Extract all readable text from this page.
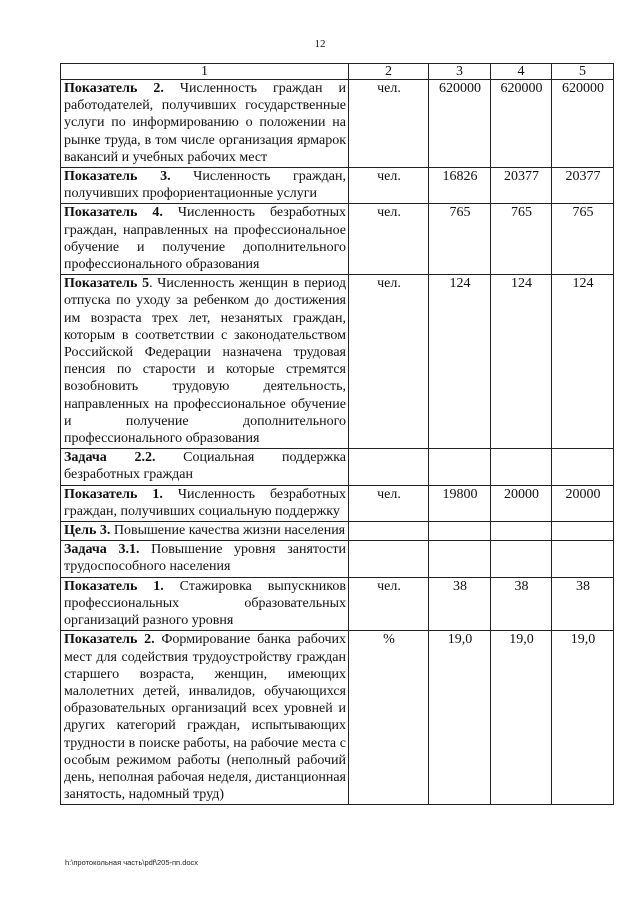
12
1	2	3	4	5
Показатель 2. Численность граждан и работодателей, получивших государственные услуги по информированию о положении на рынке труда, в том числе организация ярмарок вакансий и учебных рабочих мест	чел.	620000	620000	620000
Показатель 3. Численность граждан, получивших профориентационные услуги	чел.	16826	20377	20377
Показатель 4. Численность безработных граждан, направленных на профессиональное обучение и получение дополнительного профессионального образования	чел.	765	765	765
Показатель 5. Численность женщин в период отпуска по уходу за ребенком до достижения им возраста трех лет, незанятых граждан, которым в соответствии с законодательством Российской Федерации назначена трудовая пенсия по старости и которые стремятся возобновить трудовую деятельность, направленных на профессиональное обучение и получение дополнительного профессионального образования	чел.	124	124	124
Задача 2.2. Социальная поддержка безработных граждан				
Показатель 1. Численность безработных граждан, получивших социальную поддержку	чел.	19800	20000	20000
Цель 3. Повышение качества жизни населения				
Задача 3.1. Повышение уровня занятости трудоспособного населения				
Показатель 1. Стажировка выпускников профессиональных образовательных организаций разного уровня	чел.	38	38	38
Показатель 2. Формирование банка рабочих мест для содействия трудоустройству граждан старшего возраста, женщин, имеющих малолетних детей, инвалидов, обучающихся образовательных организаций всех уровней и других категорий граждан, испытывающих трудности в поиске работы, на рабочие места с особым режимом работы (неполный рабочий день, неполная рабочая неделя, дистанционная занятость, надомный труд)	%	19,0	19,0	19,0
h:\протокольная часть\pdf\205-пп.docx
